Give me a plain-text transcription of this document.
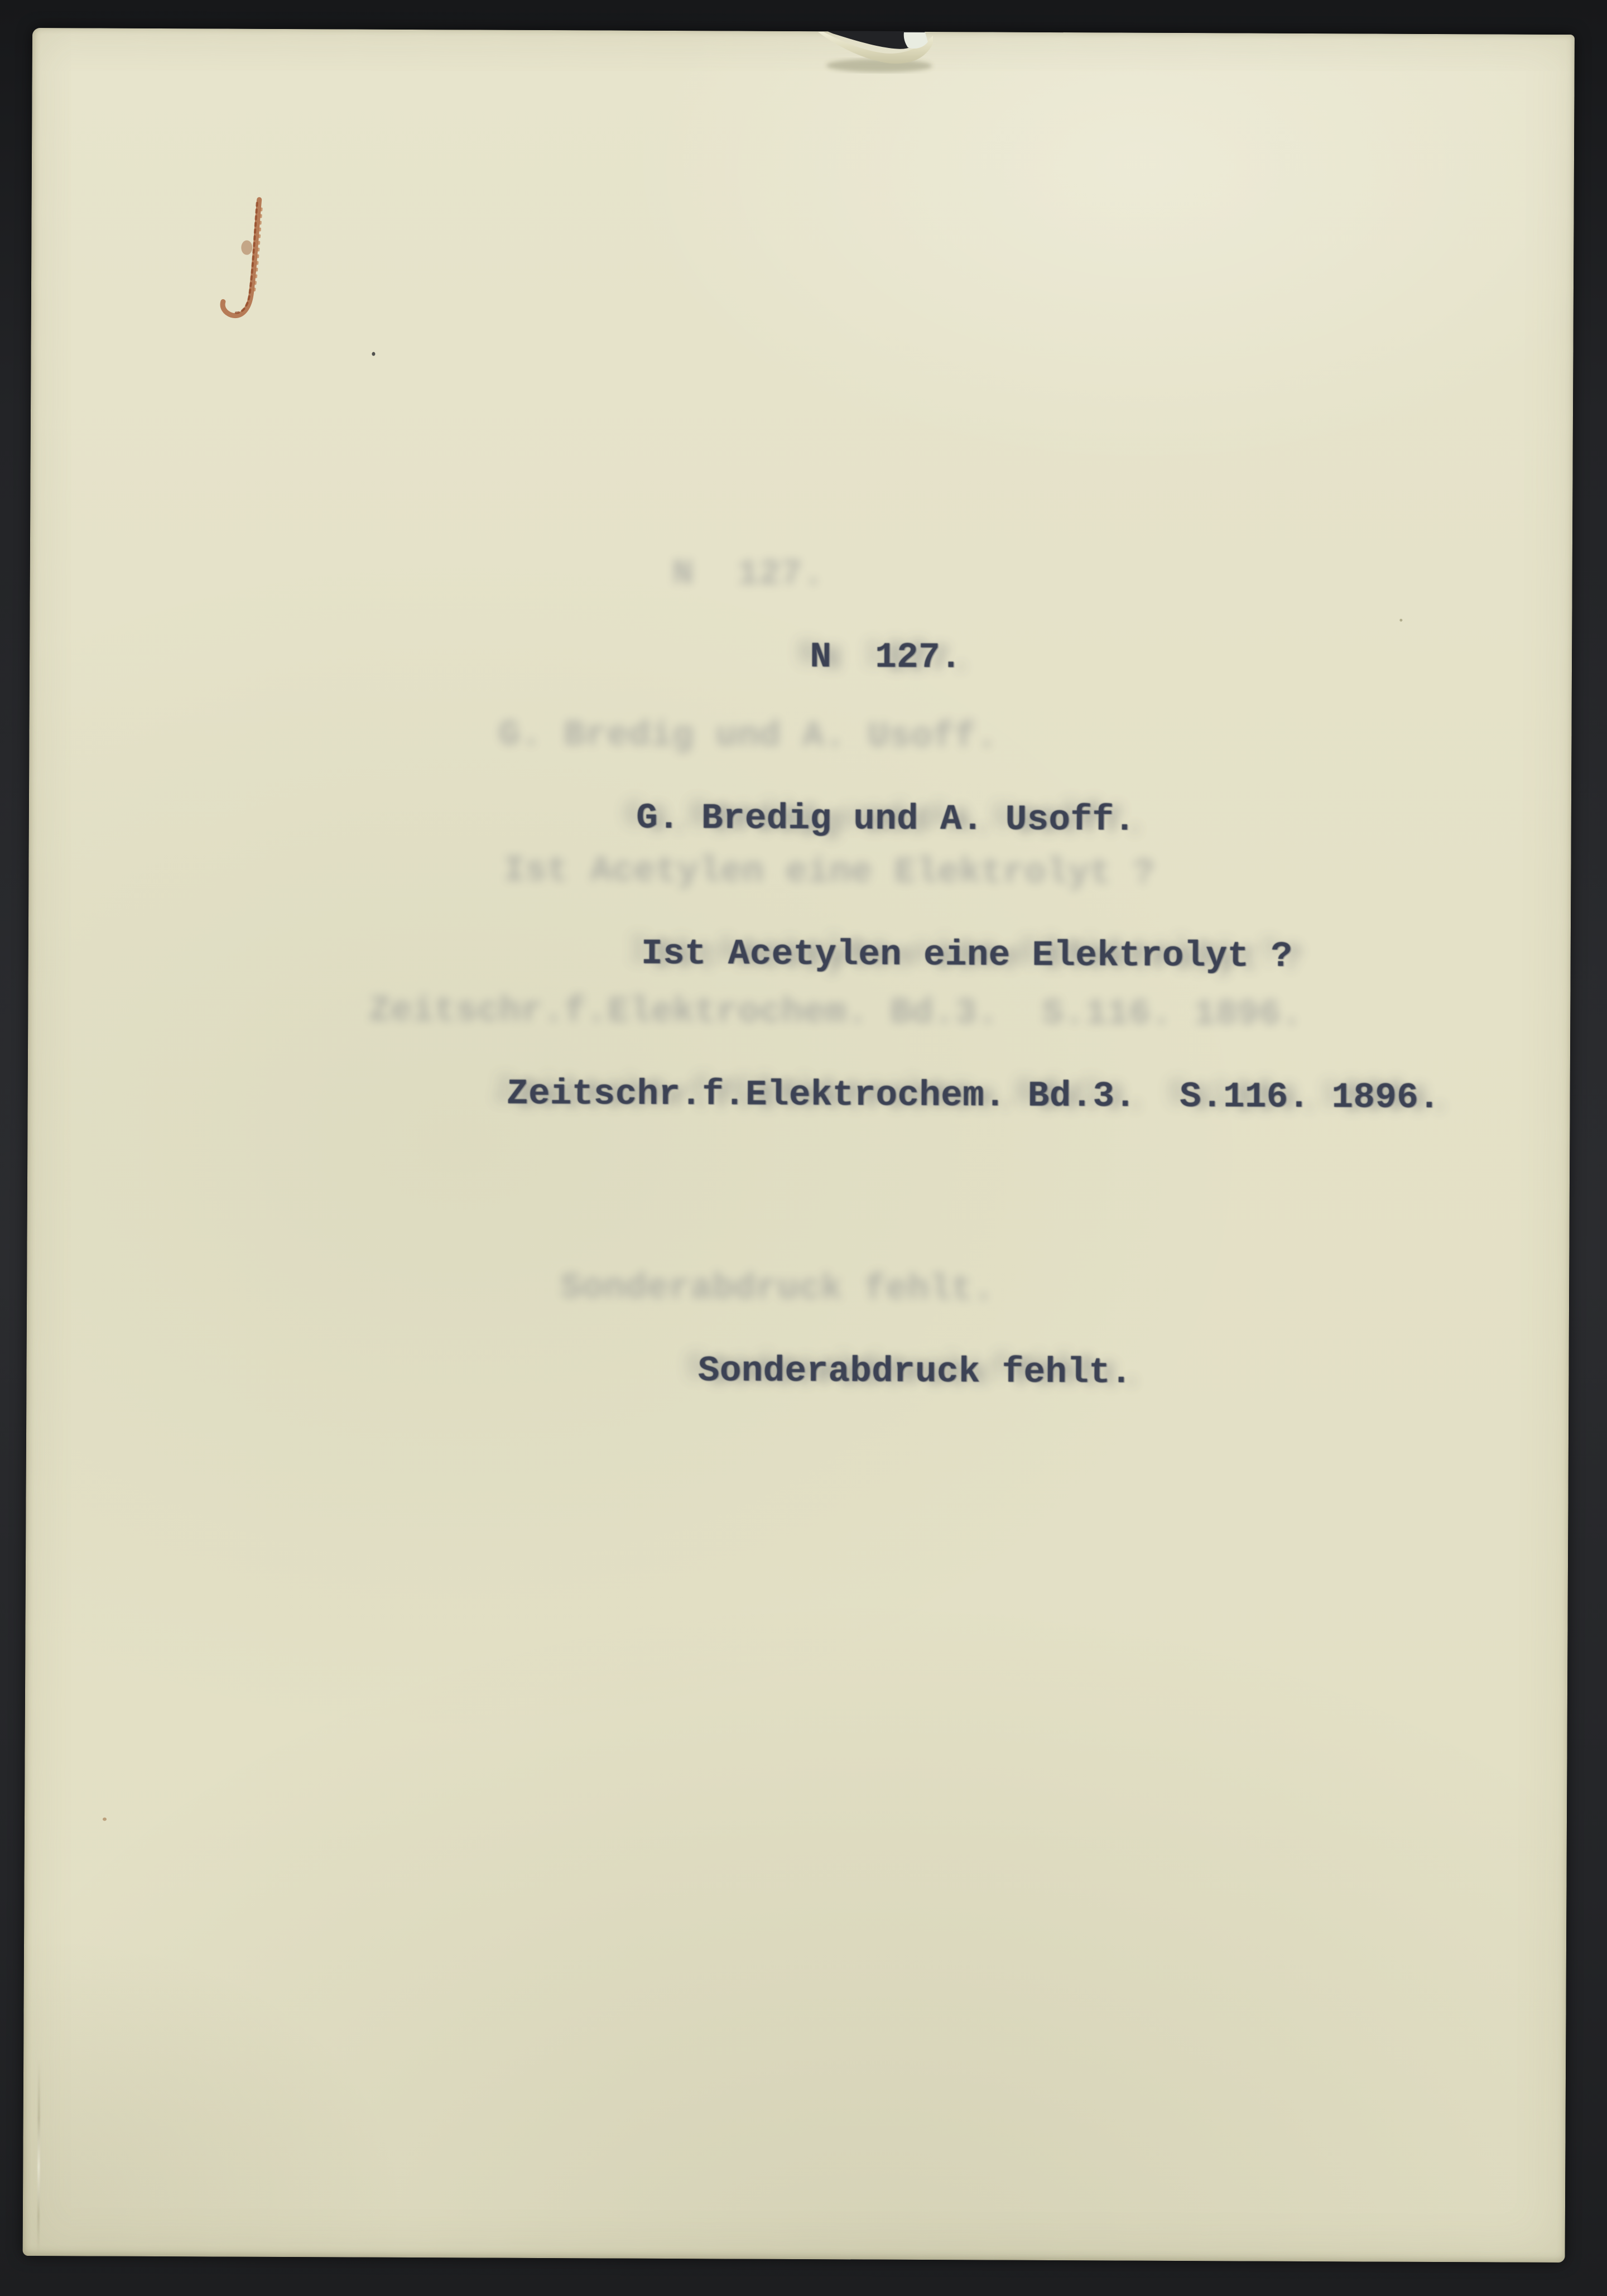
N  127.

N  127.

G. Bredig und A. Usoff.

G. Bredig und A. Usoff.

Ist Acetylen eine Elektrolyt ?

Ist Acetylen eine Elektrolyt ?

Zeitschr.f.Elektrochem. Bd.3.  S.116. 1896.

Zeitschr.f.Elektrochem. Bd.3.  S.116. 1896.

Sonderabdruck fehlt.

Sonderabdruck fehlt.
